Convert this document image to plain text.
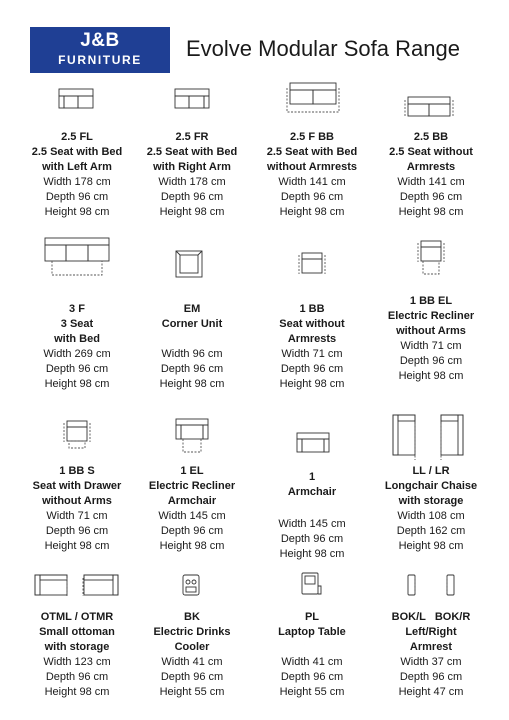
J&B
FURNITURE	Evolve Modular Sofa Range
2.5 FL
2.5 Seat with Bed
with Left Arm
Width 178 cm
Depth 96 cm
Height 98 cm
2.5 FR
2.5 Seat with Bed
with Right Arm
Width 178 cm
Depth 96 cm
Height 98 cm
2.5 F BB
2.5 Seat with Bed
without Armrests
Width 141 cm
Depth 96 cm
Height 98 cm
2.5 BB
2.5 Seat without
Armrests
Width 141 cm
Depth 96 cm
Height 98 cm
3 F
3 Seat
with Bed
Width 269 cm
Depth 96 cm
Height 98 cm
EM
Corner Unit
Width 96 cm
Depth 96 cm
Height 98 cm
1 BB
Seat without
Armrests
Width 71 cm
Depth 96 cm
Height 98 cm
1 BB EL
Electric Recliner
without Arms
Width 71 cm
Depth 96 cm
Height 98 cm
1 BB S
Seat with Drawer
without Arms
Width 71 cm
Depth 96 cm
Height 98 cm
1 EL
Electric Recliner
Armchair
Width 145 cm
Depth 96 cm
Height 98 cm
1
Armchair
Width 145 cm
Depth 96 cm
Height 98 cm
LL / LR
Longchair Chaise
with storage
Width 108 cm
Depth 162 cm
Height 98 cm
OTML / OTMR
Small ottoman
with storage
Width 123 cm
Depth 96 cm
Height 98 cm
BK
Electric Drinks
Cooler
Width 41 cm
Depth 96 cm
Height 55 cm
PL
Laptop Table
Width 41 cm
Depth 96 cm
Height 55 cm
BOK/L   BOK/R
Left/Right
Armrest
Width 37 cm
Depth 96 cm
Height 47 cm
